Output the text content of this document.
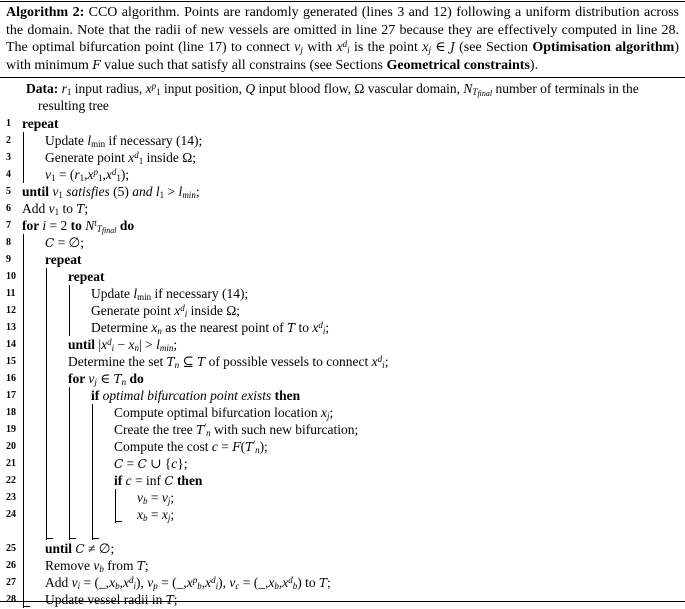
Algorithm 2: CCO algorithm. Points are randomly generated (lines 3 and 12) following a uniform distribution across the domain. Note that the radii of new vessels are omitted in line 27 because they are effectively computed in line 28. The optimal bifurcation point (line 17) to connect vj with $x^di$ is the point xj ∈ J (see Section Optimisation algorithm) with minimum F value such that satisfy all constrains (see Sections Geometrical constraints).
Data: $r_1$ input radius, $x^p_1$ input position, Q input blood flow, Ω vascular domain, $NT_{final}$ number of terminals in the resulting tree
1 repeat
2	Update $l_{min}$ if necessary (14);
3	Generate point $x^d_1$ inside Ω;
4	$v_1 = (r_1,x^p_1,x^d_1)$;
5 until $v_1$ satisfies (5) and $l_1 > lmin$;
6 Add $v_1$ to T;
7 for i = 2 to $N^tT_{final}$ do
8	C = ∅;
9	repeat
10	repeat
11	Update $l_{min}$ if necessary (14);
12	Generate point $x^di$ inside Ω;
13	Determine xn as the nearest point of T to $x^di$;
14	until $|x^di - xn| > lmin$;
15	Determine the set Tn ⊆ T of possible vessels to connect $x^di$;
16	for vj ∈ Tn do
17	if optimal bifurcation point exists then
18	Compute optimal bifurcation location xj;
19	Create the tree T′n with such new bifurcation;
20	Compute the cost c = F(T′n);
21	C = C ∪ {c};
22	if c = inf C then
23	vb = vj;
24	xb = xj;
25 until C ≠ ∅;
26 Remove vb from T;
27 Add vi = $(\_,xb,x^di)$, vp = $(\_,x^pb,x^di)$, vc = $(\_,xb,x^db)$ to T;
28 Update vessel radii in T;
